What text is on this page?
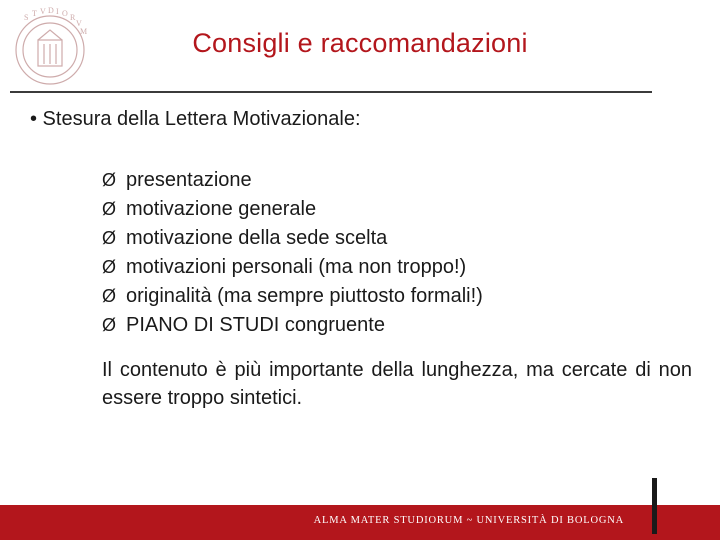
S T V D I O R
V
M	Consigli e raccomandazioni
• Stesura della Lettera Motivazionale:
Ø presentazione
Ø motivazione generale
Ø motivazione della sede scelta
Ø motivazioni personali (ma non troppo!)
Ø originalità (ma sempre piuttosto formali!)
Ø PIANO DI STUDI congruente
Il contenuto è più importante della lunghezza, ma cercate di non essere troppo sintetici.
ALMA MATER STUDIORUM ~ UNIVERSITÀ DI BOLOGNA
